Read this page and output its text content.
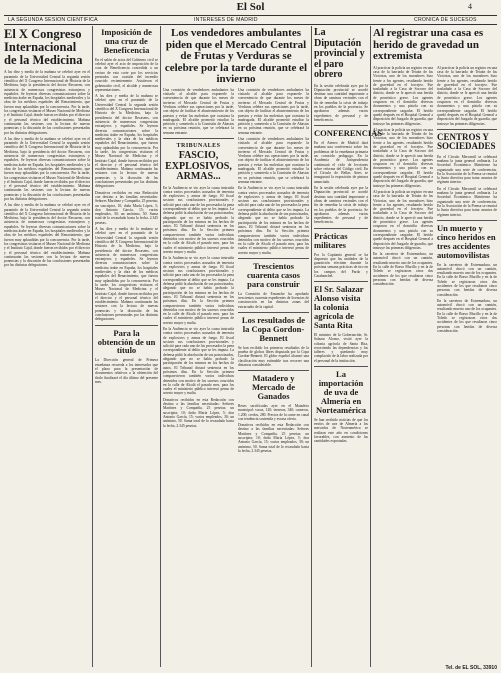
El Sol	4
LA SEGUNDA SESION CIENTIFICA	INTERESES DE MADRID	CRONICA DE SUCESOS
El X Congreso Internacional de la Medicina
A las diez y media de la mañana se celebró ayer en el paraninfo de la Universidad Central la segunda sesión científica del X Congreso Internacional de Historia de la Medicina, bajo la presidencia del doctor Recasens, con asistencia de numerosos congresistas extranjeros y españoles. Se leyeron diversas comunicaciones sobre la medicina árabe en España, los hospitales medievales y la obra de los médicos españoles del Renacimiento, que fueron muy aplaudidas por la concurrencia. Por la tarde, los congresistas visitaron el Museo Nacional de Medicina y el Instituto Cajal, donde fueron recibidos por el director y el personal técnico del establecimiento. Mañana continuarán las sesiones con la lectura de nuevas ponencias y la discusión de las conclusiones presentadas por las distintas delegaciones.
A las diez y media de la mañana se celebró ayer en el paraninfo de la Universidad Central la segunda sesión científica del X Congreso Internacional de Historia de la Medicina, bajo la presidencia del doctor Recasens, con asistencia de numerosos congresistas extranjeros y españoles. Se leyeron diversas comunicaciones sobre la medicina árabe en España, los hospitales medievales y la obra de los médicos españoles del Renacimiento, que fueron muy aplaudidas por la concurrencia. Por la tarde, los congresistas visitaron el Museo Nacional de Medicina y el Instituto Cajal, donde fueron recibidos por el director y el personal técnico del establecimiento. Mañana continuarán las sesiones con la lectura de nuevas ponencias y la discusión de las conclusiones presentadas por las distintas delegaciones.
A las diez y media de la mañana se celebró ayer en el paraninfo de la Universidad Central la segunda sesión científica del X Congreso Internacional de Historia de la Medicina, bajo la presidencia del doctor Recasens, con asistencia de numerosos congresistas extranjeros y españoles. Se leyeron diversas comunicaciones sobre la medicina árabe en España, los hospitales medievales y la obra de los médicos españoles del Renacimiento, que fueron muy aplaudidas por la concurrencia. Por la tarde, los congresistas visitaron el Museo Nacional de Medicina y el Instituto Cajal, donde fueron recibidos por el director y el personal técnico del establecimiento. Mañana continuarán las sesiones con la lectura de nuevas ponencias y la discusión de las conclusiones presentadas por las distintas delegaciones.
Imposición de una cruz de Beneficencia
En el salón de actos del Gobierno civil se celebró ayer el acto de imposición de la cruz de Beneficencia concedida a un vecino de esta corte por los servicios prestados con ocasión del incendio ocurrido recientemente. Asistieron el gobernador civil, el alcalde y numerosas representaciones.
A las diez y media de la mañana se celebró ayer en el paraninfo de la Universidad Central la segunda sesión científica del X Congreso Internacional de Historia de la Medicina, bajo la presidencia del doctor Recasens, con asistencia de numerosos congresistas extranjeros y españoles. Se leyeron diversas comunicaciones sobre la medicina árabe en España, los hospitales medievales y la obra de los médicos españoles del Renacimiento, que fueron muy aplaudidas por la concurrencia. Por la tarde, los congresistas visitaron el Museo Nacional de Medicina y el Instituto Cajal, donde fueron recibidos por el director y el personal técnico del establecimiento. Mañana continuarán las sesiones con la lectura de nuevas ponencias y la discusión de las conclusiones presentadas por las distintas delegaciones.
Donativos recibidos en esta Redacción con destino a las familias necesitadas: Señores Martínez y Compañía, 25 pesetas; un suscriptor, 10; doña María López, 5; don Antonio García, 15; varios empleados, 30; un anónimo, 50. Suma total de lo recaudado hasta la fecha, 2.345 pesetas.
A las diez y media de la mañana se celebró ayer en el paraninfo de la Universidad Central la segunda sesión científica del X Congreso Internacional de Historia de la Medicina, bajo la presidencia del doctor Recasens, con asistencia de numerosos congresistas extranjeros y españoles. Se leyeron diversas comunicaciones sobre la medicina árabe en España, los hospitales medievales y la obra de los médicos españoles del Renacimiento, que fueron muy aplaudidas por la concurrencia. Por la tarde, los congresistas visitaron el Museo Nacional de Medicina y el Instituto Cajal, donde fueron recibidos por el director y el personal técnico del establecimiento. Mañana continuarán las sesiones con la lectura de nuevas ponencias y la discusión de las conclusiones presentadas por las distintas delegaciones.
Para la obtención de un título
La Dirección general de Primera enseñanza recuerda a los interesados que el plazo para la presentación de documentos relativos a la obtención del título finalizará el día último del presente mes.
Los vendedores ambulantes piden que el Mercado Central de Frutas y Verduras se celebre por la tarde durante el invierno
Una comisión de vendedores ambulantes ha visitado al alcalde para exponerle la conveniencia de que durante los meses de invierno el Mercado Central de Frutas y Verduras celebre sus operaciones por la tarde, con objeto de facilitar el abastecimiento de los puestos y evitar las molestias que ocasiona la madrugada. El alcalde prometió estudiar la petición y someterla a la Comisión de Abastos en su próxima reunión, que se celebrará la semana entrante.
TRIBUNALES
FASCIO, EXPLOSIVOS, ARMAS...
En la Audiencia se vio ayer la causa instruida contra varios procesados acusados de tenencia de explosivos y armas de fuego. El fiscal sostuvo sus conclusiones provisionales y solicitó para cada uno de los procesados la pena correspondiente al delito que se les imputa. La defensa pidió la absolución de sus patrocinados, alegando que no se había probado la participación de los mismos en los hechos de autos. El Tribunal dictará sentencia en los próximos días. En la Sección primera comparecieron también varios individuos detenidos con motivo de los sucesos ocurridos en la calle de Alcalá el pasado mes, para los cuales el ministerio público interesó penas de arresto mayor y multa.
En la Audiencia se vio ayer la causa instruida contra varios procesados acusados de tenencia de explosivos y armas de fuego. El fiscal sostuvo sus conclusiones provisionales y solicitó para cada uno de los procesados la pena correspondiente al delito que se les imputa. La defensa pidió la absolución de sus patrocinados, alegando que no se había probado la participación de los mismos en los hechos de autos. El Tribunal dictará sentencia en los próximos días. En la Sección primera comparecieron también varios individuos detenidos con motivo de los sucesos ocurridos en la calle de Alcalá el pasado mes, para los cuales el ministerio público interesó penas de arresto mayor y multa.
En la Audiencia se vio ayer la causa instruida contra varios procesados acusados de tenencia de explosivos y armas de fuego. El fiscal sostuvo sus conclusiones provisionales y solicitó para cada uno de los procesados la pena correspondiente al delito que se les imputa. La defensa pidió la absolución de sus patrocinados, alegando que no se había probado la participación de los mismos en los hechos de autos. El Tribunal dictará sentencia en los próximos días. En la Sección primera comparecieron también varios individuos detenidos con motivo de los sucesos ocurridos en la calle de Alcalá el pasado mes, para los cuales el ministerio público interesó penas de arresto mayor y multa.
Donativos recibidos en esta Redacción con destino a las familias necesitadas: Señores Martínez y Compañía, 25 pesetas; un suscriptor, 10; doña María López, 5; don Antonio García, 15; varios empleados, 30; un anónimo, 50. Suma total de lo recaudado hasta la fecha, 2.345 pesetas.
Una comisión de vendedores ambulantes ha visitado al alcalde para exponerle la conveniencia de que durante los meses de invierno el Mercado Central de Frutas y Verduras celebre sus operaciones por la tarde, con objeto de facilitar el abastecimiento de los puestos y evitar las molestias que ocasiona la madrugada. El alcalde prometió estudiar la petición y someterla a la Comisión de Abastos en su próxima reunión, que se celebrará la semana entrante.
Una comisión de vendedores ambulantes ha visitado al alcalde para exponerle la conveniencia de que durante los meses de invierno el Mercado Central de Frutas y Verduras celebre sus operaciones por la tarde, con objeto de facilitar el abastecimiento de los puestos y evitar las molestias que ocasiona la madrugada. El alcalde prometió estudiar la petición y someterla a la Comisión de Abastos en su próxima reunión, que se celebrará la semana entrante.
En la Audiencia se vio ayer la causa instruida contra varios procesados acusados de tenencia de explosivos y armas de fuego. El fiscal sostuvo sus conclusiones provisionales y solicitó para cada uno de los procesados la pena correspondiente al delito que se les imputa. La defensa pidió la absolución de sus patrocinados, alegando que no se había probado la participación de los mismos en los hechos de autos. El Tribunal dictará sentencia en los próximos días. En la Sección primera comparecieron también varios individuos detenidos con motivo de los sucesos ocurridos en la calle de Alcalá el pasado mes, para los cuales el ministerio público interesó penas de arresto mayor y multa.
Trescientos cuarenta casos para construir
La Comisión de Ensanche ha aprobado trescientos cuarenta expedientes de licencias de construcción en las distintas zonas del extrarradio de la capital.
Los resultados de la Copa Gordon-Bennett
Se han recibido los primeros resultados de la prueba de globos libres disputada por la Copa Gordon-Bennett. El globo español alcanzó una clasificación muy estimable tras recorrer una distancia considerable.
Matadero y Mercado de Ganados
Reses sacrificadas ayer en el Matadero municipal: vacas, 120; terneras, 340; carneros, 1.200; cerdos, 280. Precios de la carne en canal con tendencia sostenida y escasa oferta.
Donativos recibidos en esta Redacción con destino a las familias necesitadas: Señores Martínez y Compañía, 25 pesetas; un suscriptor, 10; doña María López, 5; don Antonio García, 15; varios empleados, 30; un anónimo, 50. Suma total de lo recaudado hasta la fecha, 2.345 pesetas.
La Diputación provincial y el paro obrero
En la sesión celebrada ayer por la Diputación provincial se acordó destinar una cantidad importante a obras de caminos vecinales con el fin de remediar la crisis de trabajo en los pueblos de la provincia. Se aprobaron además varios expedientes de personal y de beneficencia.
CONFERENCIAS
En el Ateneo de Madrid dará mañana una conferencia sobre los problemas de la enseñanza primaria un conocido pedagogo. En la Academia de Jurisprudencia continuará el ciclo de lecciones sobre reforma del Código civil. En el Círculo de Bellas Artes se inaugurará la exposición de pintura anunciada.
En la sesión celebrada ayer por la Diputación provincial se acordó destinar una cantidad importante a obras de caminos vecinales con el fin de remediar la crisis de trabajo en los pueblos de la provincia. Se aprobaron además varios expedientes de personal y de beneficencia.
Prácticas militares
Por la Capitanía general se ha dispuesto que las unidades de la guarnición efectúen durante la próxima semana prácticas de tiro en los campos del Pardo y Carabanchel.
El Sr. Salazar Alonso visita la colonia agrícola de Santa Rita
El ministro de la Gobernación, Sr. Salazar Alonso, visitó ayer la colonia agrícola de Santa Rita, recorriendo las dependencias y los talleres y quedando muy complacido de la labor realizada por el personal de la institución.
La importación de uva de Almería en Norteamérica
Se han recibido noticias de que los envíos de uva de Almería a los mercados de Norteamérica se realizan este año en condiciones favorables, con aumento de las cantidades exportadas.
Al registrar una casa es herido de gravedad un extremista
Al practicar la policía un registro en una casa de la barriada de Tetuán de las Victorias, uno de los moradores hizo frente a los agentes, resultando herido de gravedad en el forcejeo. Fue trasladado a la Casa de Socorro del distrito, donde se le apreció una herida de pronóstico grave. Los agentes ocuparon en el domicilio diversos documentos y una pistola con su correspondiente cargador. El herido quedó después en el Hospital General a disposición del Juzgado de guardia, que instruye las primeras diligencias.
Al practicar la policía un registro en una casa de la barriada de Tetuán de las Victorias, uno de los moradores hizo frente a los agentes, resultando herido de gravedad en el forcejeo. Fue trasladado a la Casa de Socorro del distrito, donde se le apreció una herida de pronóstico grave. Los agentes ocuparon en el domicilio diversos documentos y una pistola con su correspondiente cargador. El herido quedó después en el Hospital General a disposición del Juzgado de guardia, que instruye las primeras diligencias.
Al practicar la policía un registro en una casa de la barriada de Tetuán de las Victorias, uno de los moradores hizo frente a los agentes, resultando herido de gravedad en el forcejeo. Fue trasladado a la Casa de Socorro del distrito, donde se le apreció una herida de pronóstico grave. Los agentes ocuparon en el domicilio diversos documentos y una pistola con su correspondiente cargador. El herido quedó después en el Hospital General a disposición del Juzgado de guardia, que instruye las primeras diligencias.
En la carretera de Extremadura, un automóvil chocó con un camión, resultando muerto uno de los ocupantes. En la calle de Bravo Murillo y en la de Toledo se registraron otros dos accidentes de los que resultaron cinco personas con heridas de diversa consideración.
Al practicar la policía un registro en una casa de la barriada de Tetuán de las Victorias, uno de los moradores hizo frente a los agentes, resultando herido de gravedad en el forcejeo. Fue trasladado a la Casa de Socorro del distrito, donde se le apreció una herida de pronóstico grave. Los agentes ocuparon en el domicilio diversos documentos y una pistola con su correspondiente cargador. El herido quedó después en el Hospital General a disposición del Juzgado de guardia, que instruye las primeras diligencias.
CENTROS Y SOCIEDADES
En el Círculo Mercantil se celebrará mañana la junta general ordinaria. La Sociedad Económica Matritense ha organizado una serie de conferencias. En la Asociación de la Prensa se reunirá la Junta directiva para tratar asuntos de régimen interior.
En el Círculo Mercantil se celebrará mañana la junta general ordinaria. La Sociedad Económica Matritense ha organizado una serie de conferencias. En la Asociación de la Prensa se reunirá la Junta directiva para tratar asuntos de régimen interior.
Un muerto y cinco heridos en tres accidentes automovilistas
En la carretera de Extremadura, un automóvil chocó con un camión, resultando muerto uno de los ocupantes. En la calle de Bravo Murillo y en la de Toledo se registraron otros dos accidentes de los que resultaron cinco personas con heridas de diversa consideración.
En la carretera de Extremadura, un automóvil chocó con un camión, resultando muerto uno de los ocupantes. En la calle de Bravo Murillo y en la de Toledo se registraron otros dos accidentes de los que resultaron cinco personas con heridas de diversa consideración.
Tel. de EL SOL, 33910
